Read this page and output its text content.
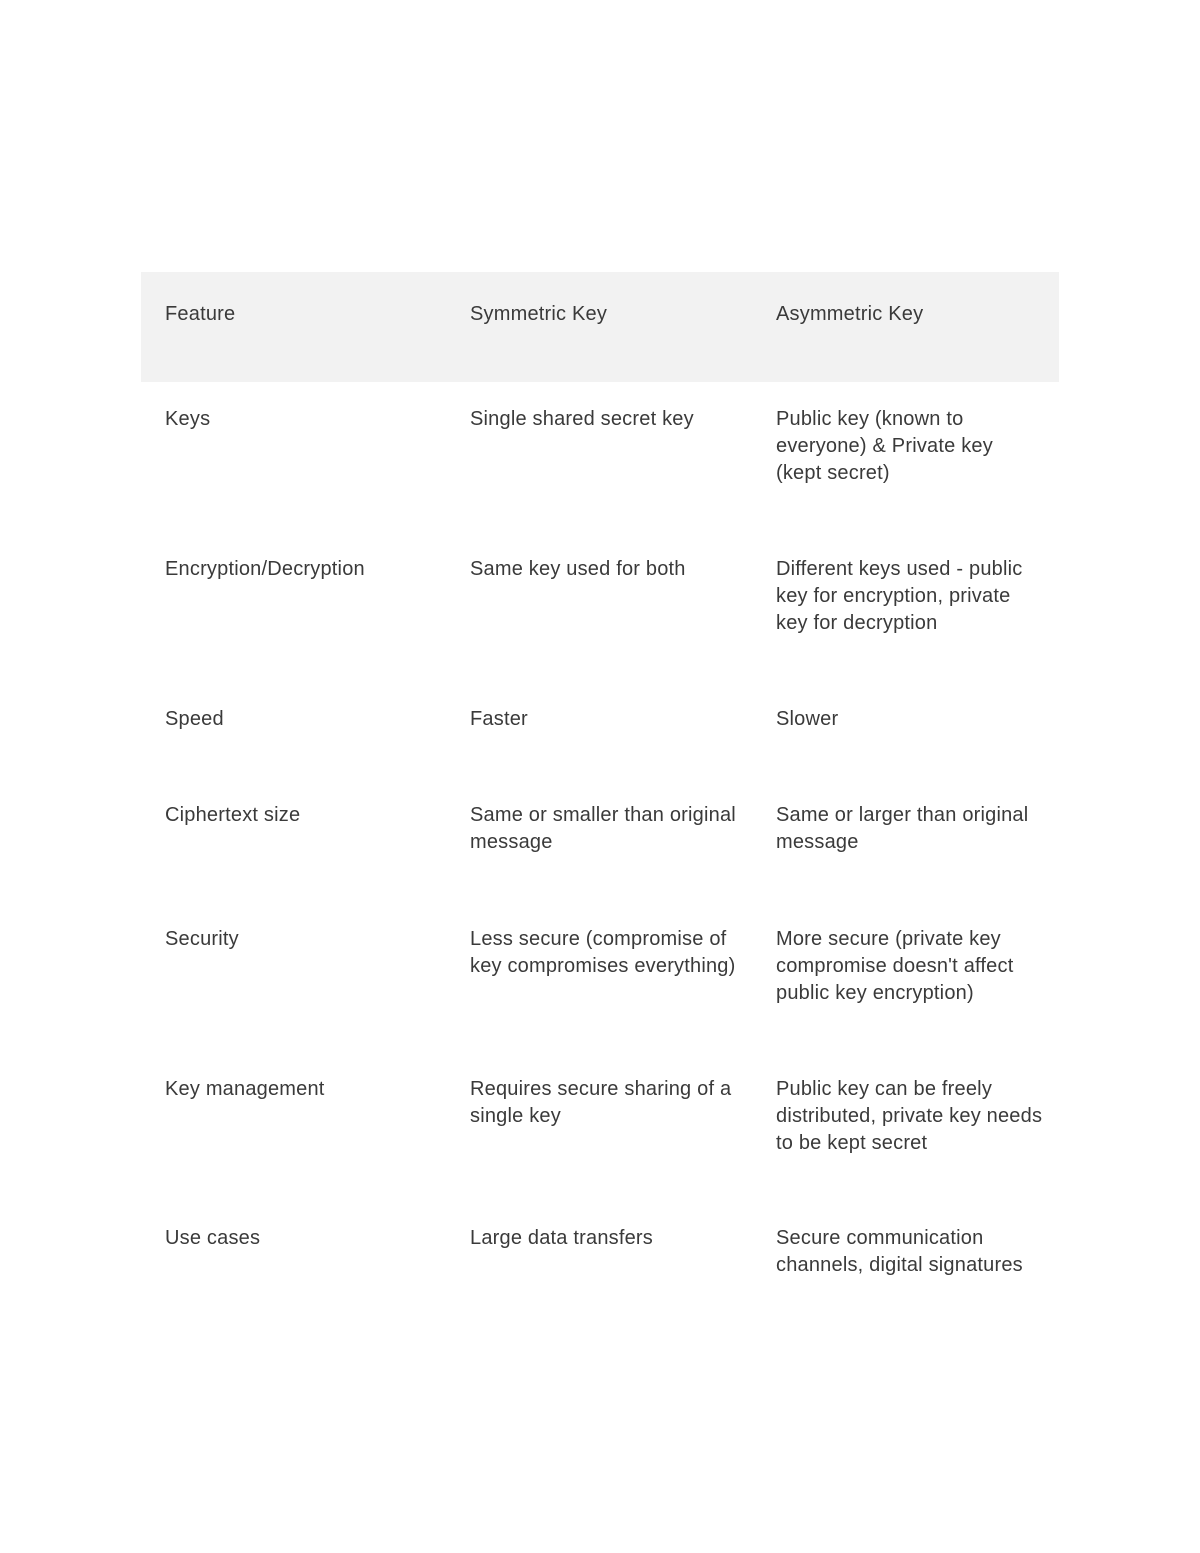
Feature	Symmetric Key	Asymmetric Key
Keys	Single shared secret key	Public key (known to everyone) & Private key (kept secret)
Encryption/Decryption	Same key used for both	Different keys used - public key for encryption, private key for decryption
Speed	Faster	Slower
Ciphertext size	Same or smaller than original message	Same or larger than original message
Security	Less secure (compromise of key compromises everything)	More secure (private key compromise doesn't affect public key encryption)
Key management	Requires secure sharing of a single key	Public key can be freely distributed, private key needs to be kept secret
Use cases	Large data transfers	Secure communication channels, digital signatures
